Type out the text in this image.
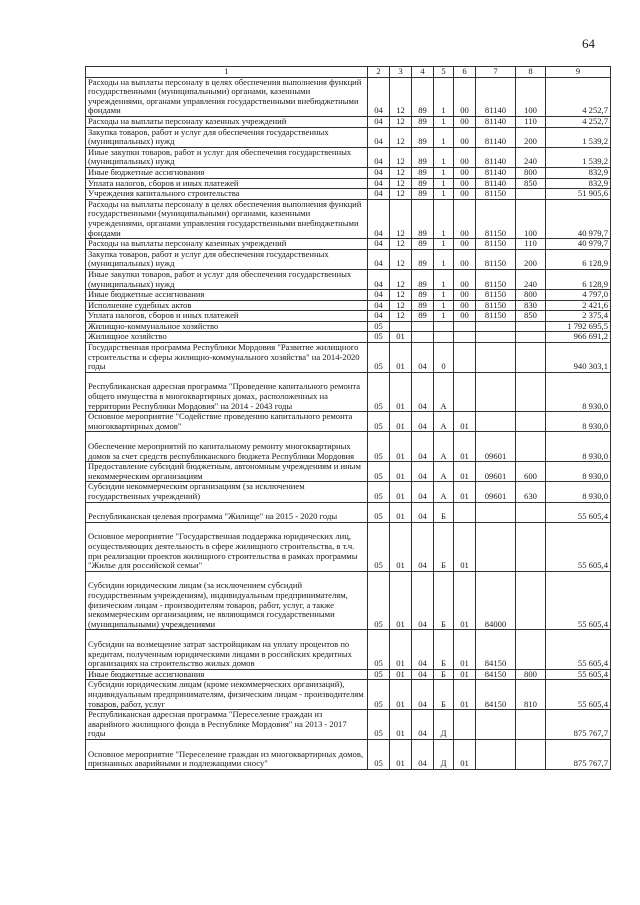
64
1	2	3	4	5	6	7	8	9
Расходы на выплаты персоналу в целях обеспечения выполнения функций государственными (муниципальными) органами, казенными учреждениями, органами управления государственными внебюджетными фондами	04	12	89	1	00	81140	100	4 252,7
Расходы на выплаты персоналу казенных учреждений	04	12	89	1	00	81140	110	4 252,7
Закупка товаров, работ и услуг для обеспечения государственных (муниципальных) нужд	04	12	89	1	00	81140	200	1 539,2
Иные закупки товаров, работ и услуг для обеспечения государственных (муниципальных) нужд	04	12	89	1	00	81140	240	1 539,2
Иные бюджетные ассигнования	04	12	89	1	00	81140	800	832,9
Уплата налогов, сборов и иных платежей	04	12	89	1	00	81140	850	832,9
Учреждения капитального строительства	04	12	89	1	00	81150		51 905,6
Расходы на выплаты персоналу в целях обеспечения выполнения функций государственными (муниципальными) органами, казенными учреждениями, органами управления государственными внебюджетными фондами	04	12	89	1	00	81150	100	40 979,7
Расходы на выплаты персоналу казенных учреждений	04	12	89	1	00	81150	110	40 979,7
Закупка товаров, работ и услуг для обеспечения государственных (муниципальных) нужд	04	12	89	1	00	81150	200	6 128,9
Иные закупки товаров, работ и услуг для обеспечения государственных (муниципальных) нужд	04	12	89	1	00	81150	240	6 128,9
Иные бюджетные ассигнования	04	12	89	1	00	81150	800	4 797,0
Исполнение судебных актов	04	12	89	1	00	81150	830	2 421,6
Уплата налогов, сборов и иных платежей	04	12	89	1	00	81150	850	2 375,4
Жилищно-коммунальное хозяйство	05							1 792 695,5
Жилищное хозяйство	05	01						966 691,2
Государственная программа Республики Мордовия "Развитие жилищного строительства и сферы жилищно-коммунального хозяйства" на 2014-2020 годы	05	01	04	0				940 303,1
Республиканская адресная программа "Проведение капитального ремонта общего имущества в многоквартирных домах, расположенных на территории Республики Мордовия" на 2014 - 2043 годы	05	01	04	А				8 930,0
Основное мероприятие "Содействие проведению капитального ремонта многоквартирных домов"	05	01	04	А	01			8 930,0
Обеспечение мероприятий по капитальному ремонту многоквартирных домов за счет средств республиканского бюджета Республики Мордовия	05	01	04	А	01	09601		8 930,0
Предоставление субсидий бюджетным, автономным учреждениям и иным некоммерческим организациям	05	01	04	А	01	09601	600	8 930,0
Субсидии некоммерческим организациям (за исключением государственных учреждений)	05	01	04	А	01	09601	630	8 930,0
Республиканская целевая программа "Жилище" на 2015 - 2020 годы	05	01	04	Б				55 605,4
Основное мероприятие "Государственная поддержка юридических лиц, осуществляющих деятельность в сфере жилищного строительства, в т.ч. при реализации проектов жилищного строительства в рамках программы "Жилье для российской семьи"	05	01	04	Б	01			55 605,4
Субсидии юридическим лицам (за исключением субсидий государственным учреждениям), индивидуальным предпринимателям, физическим лицам - производителям товаров, работ, услуг, а также некоммерческим организациям, не являющимся государственными (муниципальными) учреждениями	05	01	04	Б	01	84000		55 605,4
Субсидии на возмещение затрат застройщикам на уплату процентов по кредитам, полученным юридическими лицами в российских кредитных организациях на строительство жилых домов	05	01	04	Б	01	84150		55 605,4
Иные бюджетные ассигнования	05	01	04	Б	01	84150	800	55 605,4
Субсидии юридическим лицам (кроме некоммерческих организаций), индивидуальным предпринимателям, физическим лицам - производителям товаров, работ, услуг	05	01	04	Б	01	84150	810	55 605,4
Республиканская адресная программа "Переселение граждан из аварийного жилищного фонда в Республике Мордовия" на 2013 - 2017 годы	05	01	04	Д				875 767,7
Основное мероприятие "Переселение граждан из многоквартирных домов, признанных аварийными и подлежащими сносу"	05	01	04	Д	01			875 767,7
